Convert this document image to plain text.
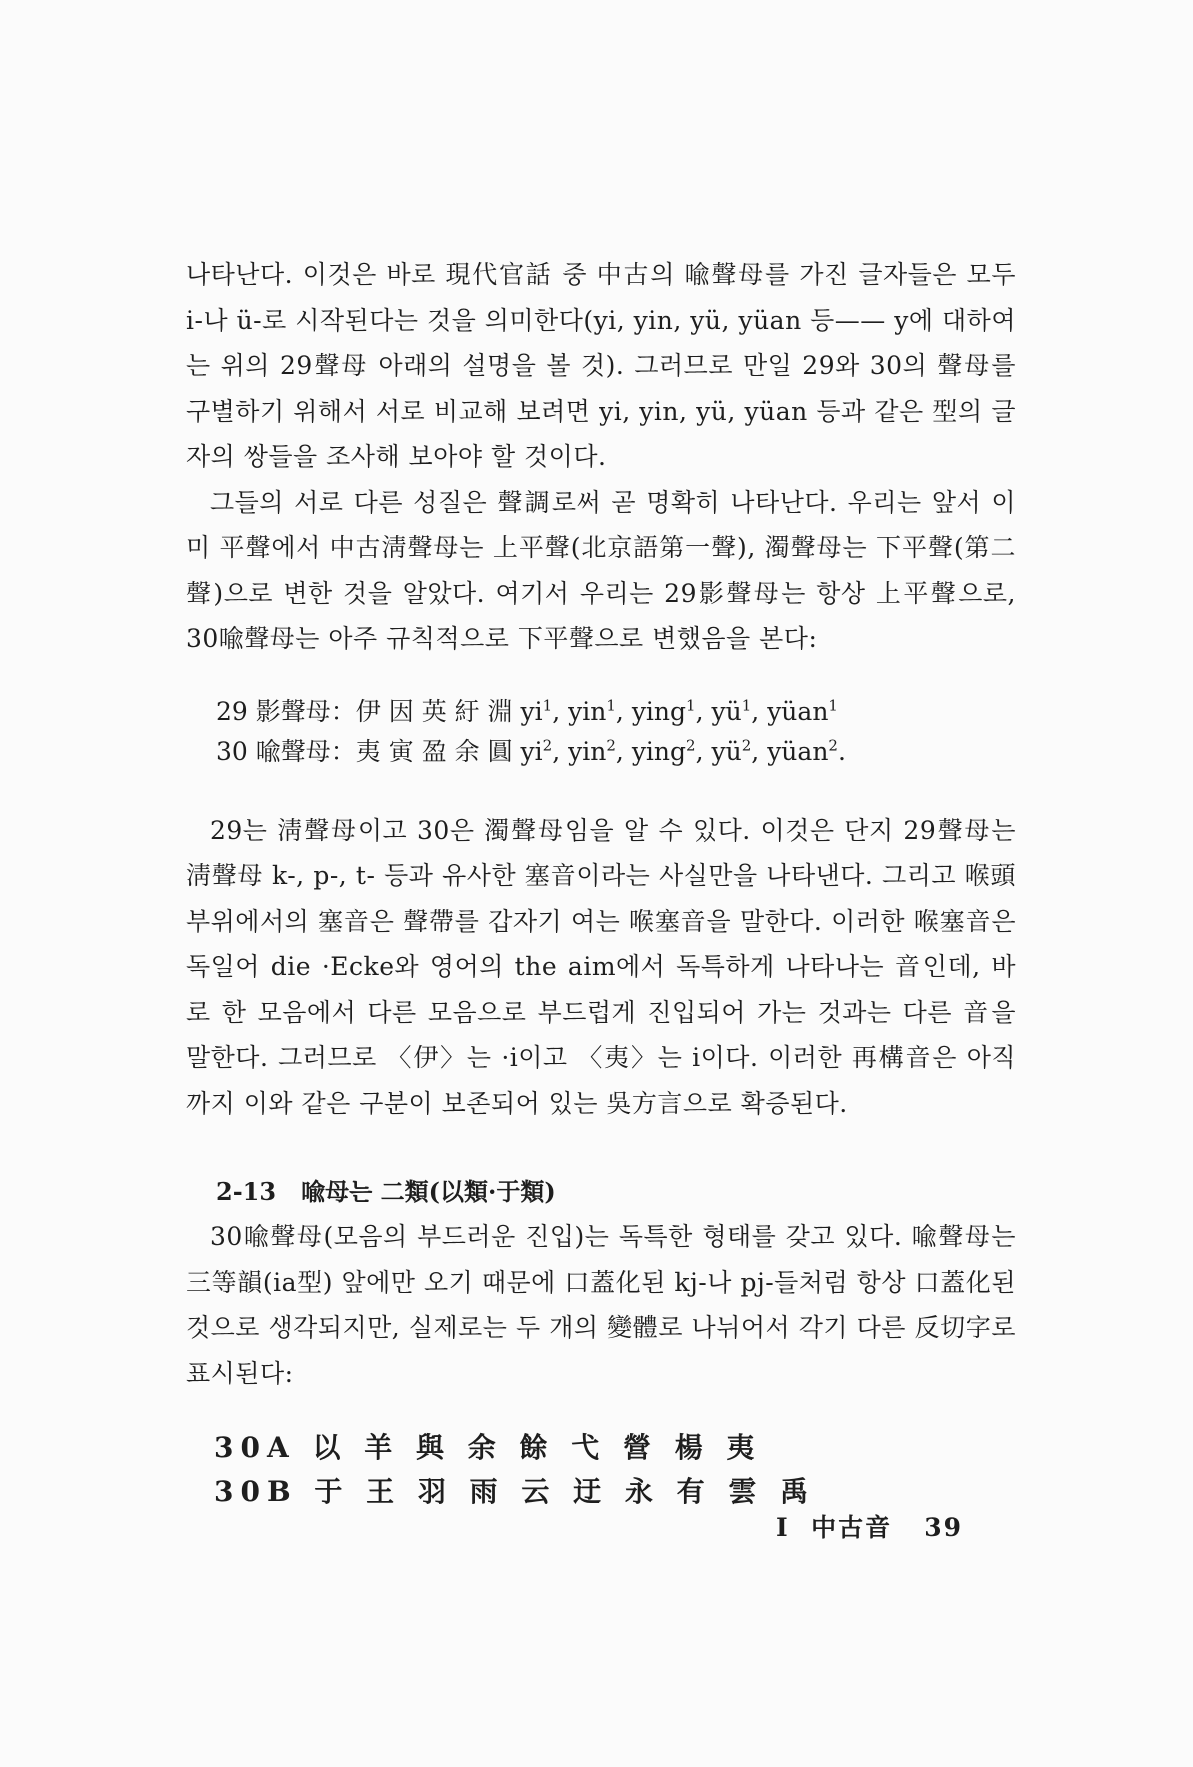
나타난다. 이것은 바로 現代官話 중 中古의 喩聲母를 가진 글자들은 모두 i-나 ü-로 시작된다는 것을 의미한다(yi, yin, yü, yüan 등—— y에 대하여는 위의 29聲母 아래의 설명을 볼 것). 그러므로 만일 29와 30의 聲母를 구별하기 위해서 서로 비교해 보려면 yi, yin, yü, yüan 등과 같은 型의 글자의 쌍들을 조사해 보아야 할 것이다.

그들의 서로 다른 성질은 聲調로써 곧 명확히 나타난다. 우리는 앞서 이미 平聲에서 中古淸聲母는 上平聲(北京語第一聲), 濁聲母는 下平聲(第二聲)으로 변한 것을 알았다. 여기서 우리는 29影聲母는 항상 上平聲으로, 30喩聲母는 아주 규칙적으로 下平聲으로 변했음을 본다:

29 影聲母：伊 因 英 紆 淵 $yi^1$, yin$^1$, ying$^1$, $yü^1$, yüan$^1$
30 喩聲母：夷 寅 盈 余 圓 $yi^2$, yin$^2$, ying$^2$, $yü^2$, yüan$^2$.

29는 淸聲母이고 30은 濁聲母임을 알 수 있다. 이것은 단지 29聲母는 淸聲母 k-, p-, t- 등과 유사한 塞音이라는 사실만을 나타낸다. 그리고 喉頭 부위에서의 塞音은 聲帶를 갑자기 여는 喉塞音을 말한다. 이러한 喉塞音은 독일어 die ·Ecke와 영어의 the aim에서 독특하게 나타나는 音인데, 바로 한 모음에서 다른 모음으로 부드럽게 진입되어 가는 것과는 다른 音을 말한다. 그러므로 〈伊〉는 ·i이고 〈夷〉는 i이다. 이러한 再構音은 아직까지 이와 같은 구분이 보존되어 있는 吳方言으로 확증된다.

2-13 喩母는 二類(以類·于類)

30喩聲母(모음의 부드러운 진입)는 독특한 형태를 갖고 있다. 喩聲母는 三等韻(ia型) 앞에만 오기 때문에 口蓋化된 kj-나 pj-들처럼 항상 口蓋化된 것으로 생각되지만, 실제로는 두 개의 變體로 나뉘어서 각기 다른 反切字로 표시된다:

30A 以 羊 與 余 餘 弋 營 楊 夷
30B 于 王 羽 雨 云 迂 永 有 雲 禹
I 中古音 39
